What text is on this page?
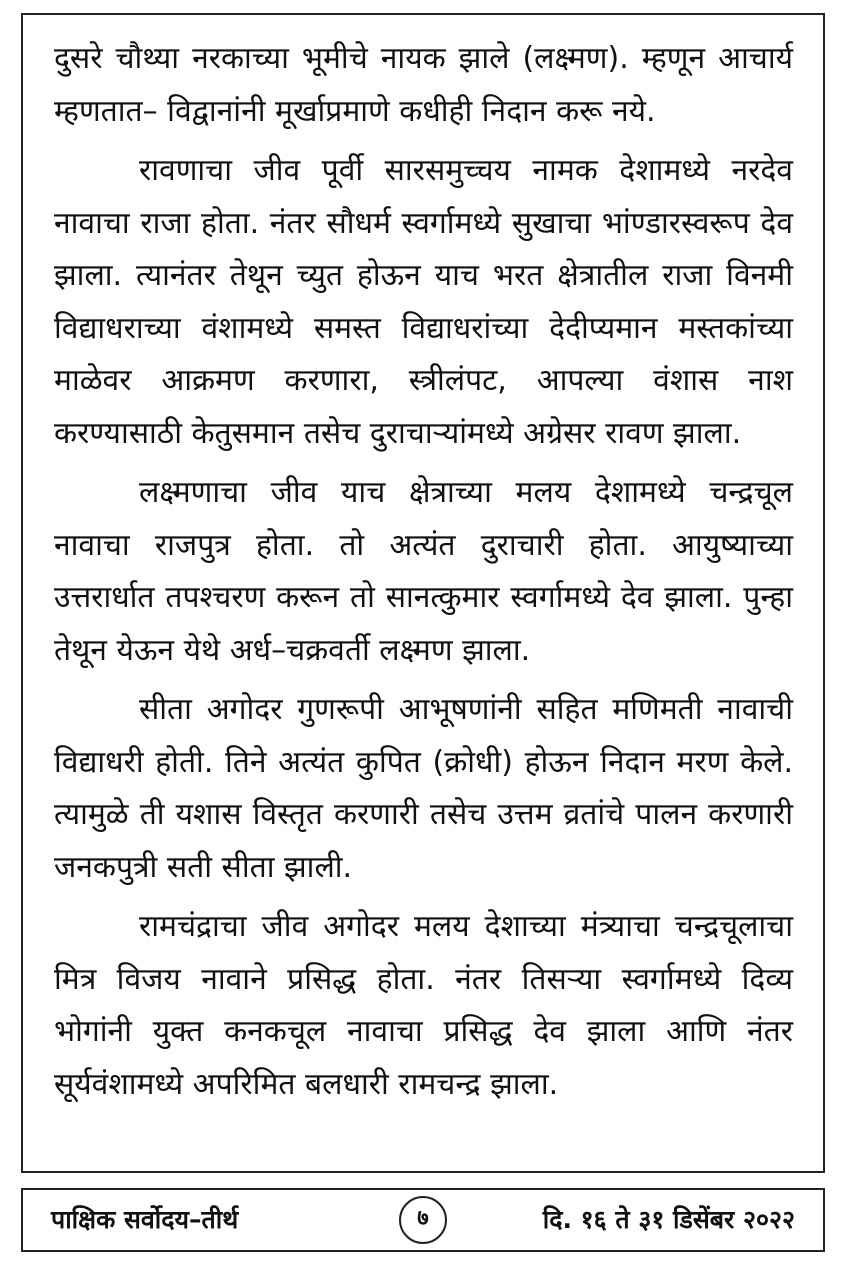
दुसरे चौथ्या नरकाच्या भूमीचे नायक झाले (लक्ष्मण). म्हणून आचार्य म्हणतात– विद्वानांनी मूर्खाप्रमाणे कधीही निदान करू नये.

रावणाचा जीव पूर्वी सारसमुच्चय नामक देशामध्ये नरदेव नावाचा राजा होता. नंतर सौधर्म स्वर्गामध्ये सुखाचा भांण्डारस्वरूप देव झाला. त्यानंतर तेथून च्युत होऊन याच भरत क्षेत्रातील राजा विनमी विद्याधराच्या वंशामध्ये समस्त विद्याधरांच्या देदीप्यमान मस्तकांच्या माळेवर आक्रमण करणारा, स्त्रीलंपट, आपल्या वंशास नाश करण्यासाठी केतुसमान तसेच दुराचाऱ्यांमध्ये अग्रेसर रावण झाला.

लक्ष्मणाचा जीव याच क्षेत्राच्या मलय देशामध्ये चन्द्रचूल नावाचा राजपुत्र होता. तो अत्यंत दुराचारी होता. आयुष्याच्या उत्तरार्धात तपश्चरण करून तो सानत्कुमार स्वर्गामध्ये देव झाला. पुन्हा तेथून येऊन येथे अर्ध–चक्रवर्ती लक्ष्मण झाला.

सीता अगोदर गुणरूपी आभूषणांनी सहित मणिमती नावाची विद्याधरी होती. तिने अत्यंत कुपित (क्रोधी) होऊन निदान मरण केले. त्यामुळे ती यशास विस्तृत करणारी तसेच उत्तम व्रतांचे पालन करणारी जनकपुत्री सती सीता झाली.

रामचंद्राचा जीव अगोदर मलय देशाच्या मंत्र्याचा चन्द्रचूलाचा मित्र विजय नावाने प्रसिद्ध होता. नंतर तिसऱ्या स्वर्गामध्ये दिव्य भोगांनी युक्त कनकचूल नावाचा प्रसिद्ध देव झाला आणि नंतर सूर्यवंशामध्ये अपरिमित बलधारी रामचन्द्र झाला.

पाक्षिक सर्वोदय–तीर्थ	७	दि. १६ ते ३१ डिसेंबर २०२२
